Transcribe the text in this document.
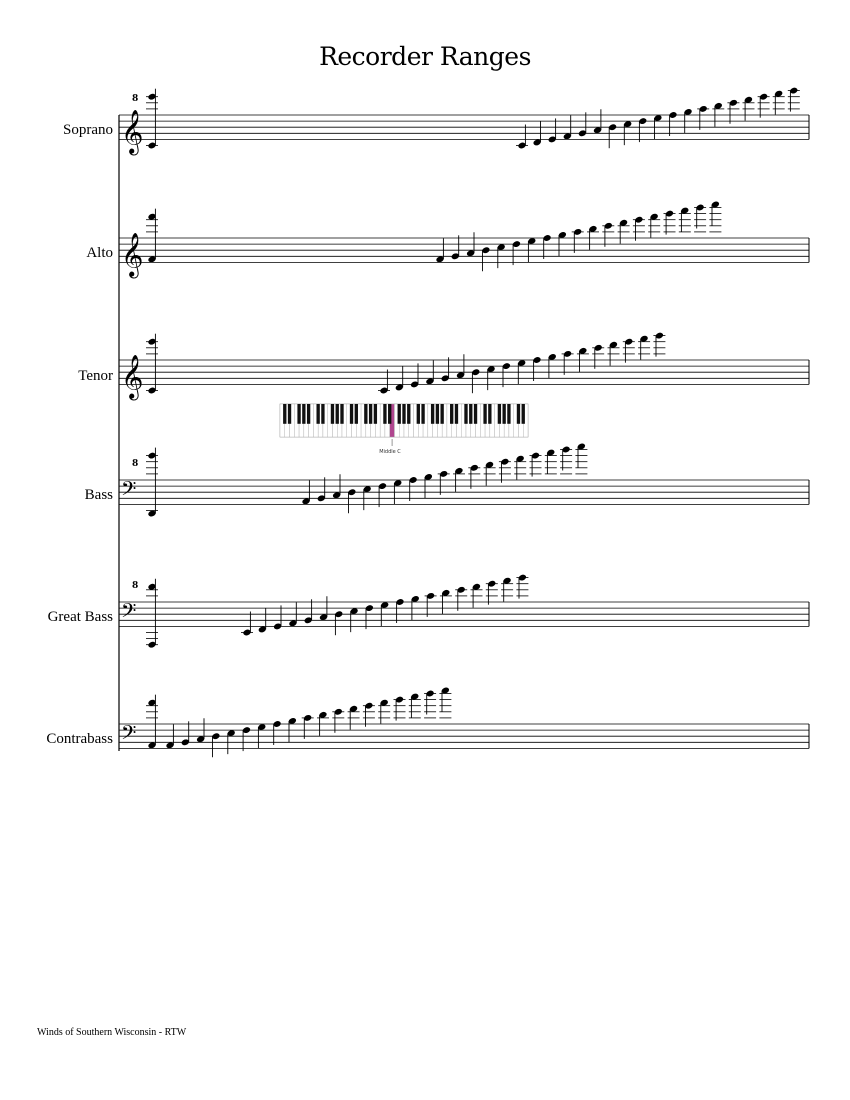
Recorder Ranges
Soprano
Alto
Tenor
Bass
Great Bass
Contrabass
𝄞
8
𝄞
𝄞
𝄢
8
𝄢
8
𝄢
Middle C
Winds of Southern Wisconsin - RTW
